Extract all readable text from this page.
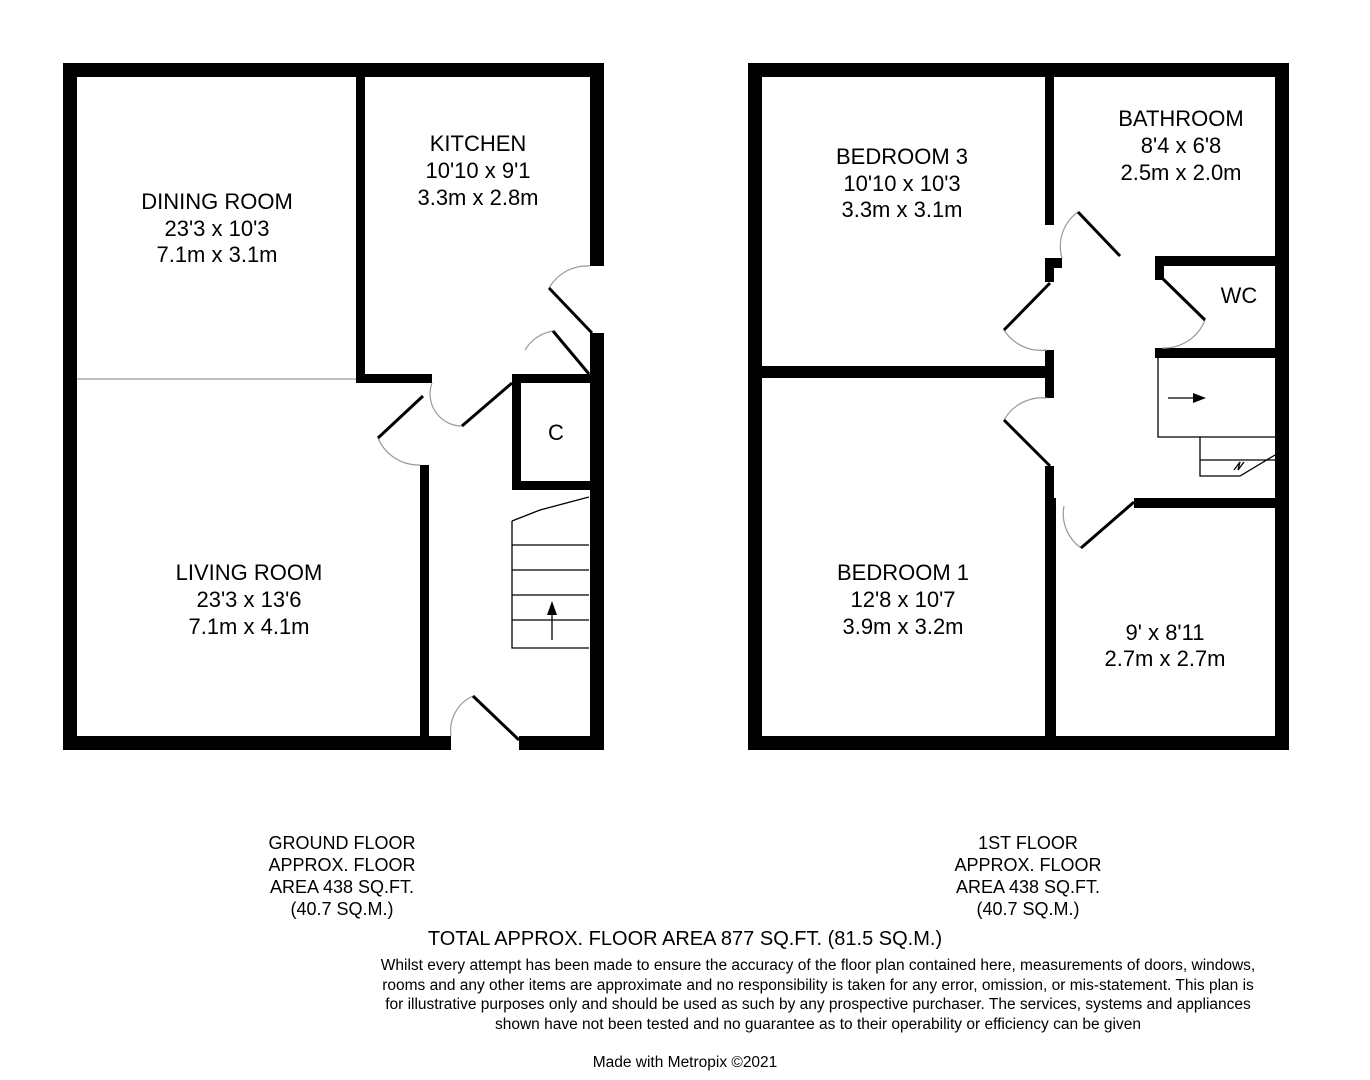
DINING ROOM
23'3 x 10'3
7.1m x 3.1m
KITCHEN
10'10 x 9'1
3.3m x 2.8m
C
LIVING ROOM
23'3 x 13'6
7.1m x 4.1m
BEDROOM 3
10'10 x 10'3
3.3m x 3.1m
BATHROOM
8'4 x 6'8
2.5m x 2.0m
WC
BEDROOM 1
12'8 x 10'7
3.9m x 3.2m	9' x 8'11
2.7m x 2.7m
GROUND FLOOR
APPROX. FLOOR
AREA 438 SQ.FT.
(40.7 SQ.M.)
1ST FLOOR
APPROX. FLOOR
AREA 438 SQ.FT.
(40.7 SQ.M.)
TOTAL APPROX. FLOOR AREA 877 SQ.FT. (81.5 SQ.M.)
Whilst every attempt has been made to ensure the accuracy of the floor plan contained here, measurements of doors, windows, rooms and any other items are approximate and no responsibility is taken for any error, omission, or mis-statement. This plan is for illustrative purposes only and should be used as such by any prospective purchaser. The services, systems and appliances shown have not been tested and no guarantee as to their operability or efficiency can be given
Made with Metropix ©2021
